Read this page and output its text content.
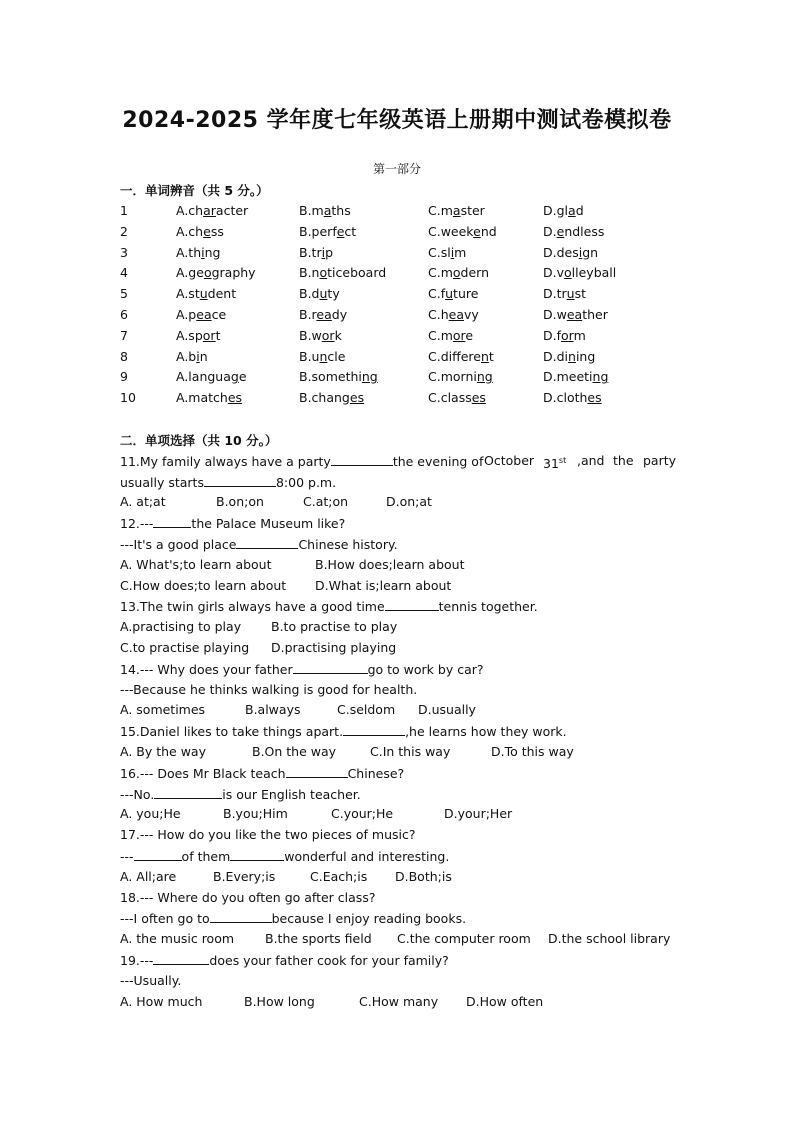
2024-2025 学年度七年级英语上册期中测试卷模拟卷
第一部分
一．单词辨音（共 5 分。）
1	A.character	B.maths	C.master	D.glad
2	A.chess	B.perfect	C.weekend	D.endless
3	A.thing	B.trip	C.slim	D.design
4	A.geography	B.noticeboard	C.modern	D.volleyball
5	A.student	B.duty	C.future	D.trust
6	A.peace	B.ready	C.heavy	D.weather
7	A.sport	B.work	C.more	D.form
8	A.bin	B.uncle	C.different	D.dining
9	A.language	B.something	C.morning	D.meeting
10	A.matches	B.changes	C.classes	D.clothes
二．单项选择（共 10 分。）
11.My family always have a party	the evening of October 31st ,and the party
usually starts	8:00 p.m.
A. at;at	B.on;on	C.at;on	D.on;at
12.---	the Palace Museum like?
---It's a good place	Chinese history.
A. What's;to learn about	B.How does;learn about
C.How does;to learn about D.What is;learn about
13.The twin girls always have a good time	tennis together.
A.practising to play B.to practise to play
C.to practise playing D.practising playing
14.--- Why does your father	go to work by car?
---Because he thinks walking is good for health.
A. sometimes	B.always	C.seldom D.usually
15.Daniel likes to take things apart.	,he learns how they work.
A. By the way	B.On the way	C.In this way	D.To this way
16.--- Does Mr Black teach	Chinese?
---No.	is our English teacher.
A. you;He	B.you;Him	C.your;He	D.your;Her
17.--- How do you like the two pieces of music?
---	of them	wonderful and interesting.
A. All;are	B.Every;is	C.Each;is D.Both;is
18.--- Where do you often go after class?
---I often go to	because I enjoy reading books.
A. the music room B.the sports field C.the computer room D.the school library
19.---	does your father cook for your family?
---Usually.
A. How much	B.How long	C.How many D.How often
